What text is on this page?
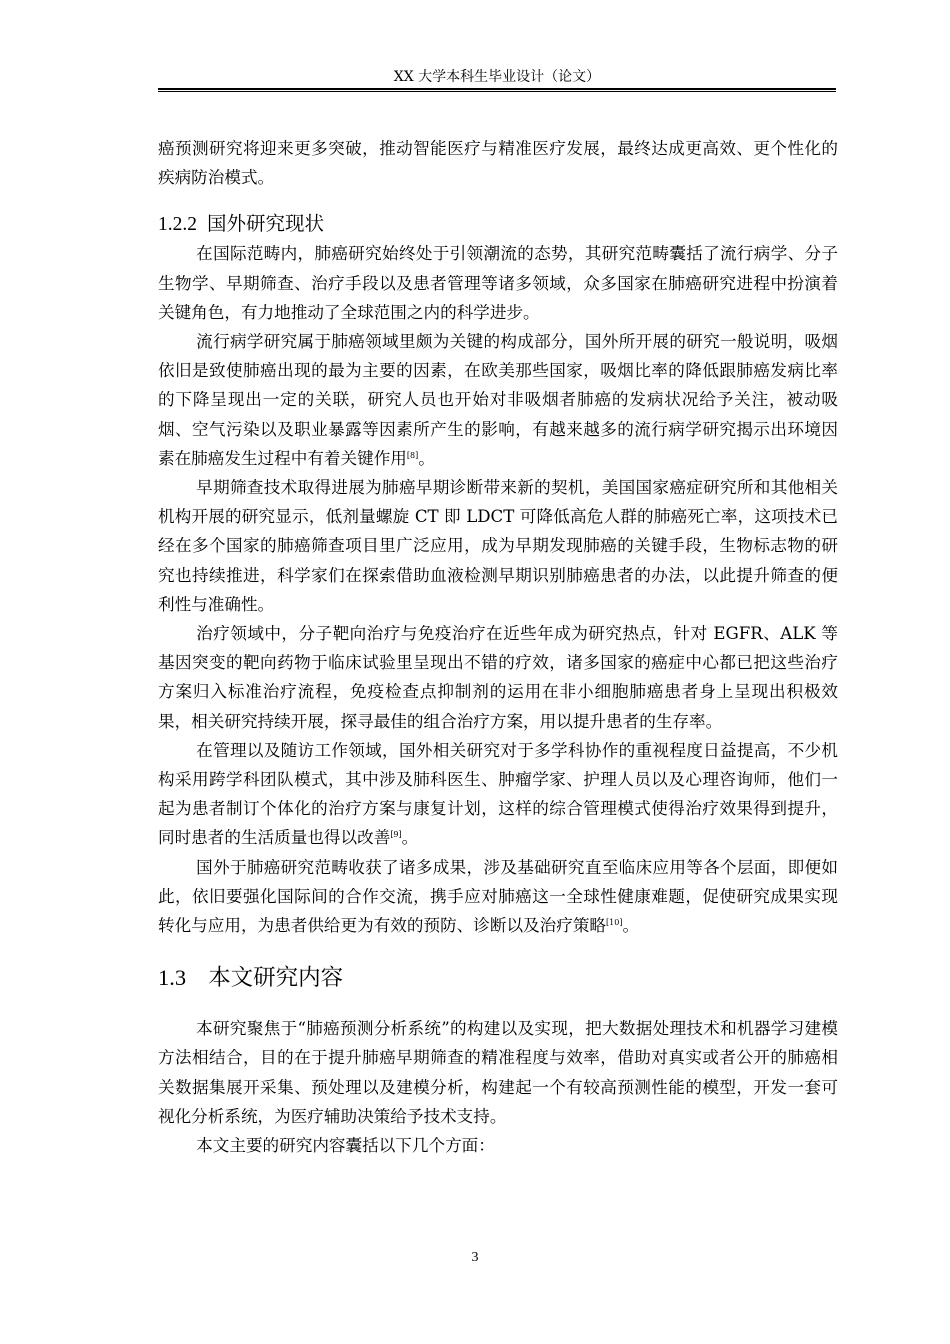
XX 大学本科生毕业设计（论文）

癌预测研究将迎来更多突破，推动智能医疗与精准医疗发展，最终达成更高效、更个性化的疾病防治模式。

1.2.2 国外研究现状

在国际范畴内，肺癌研究始终处于引领潮流的态势，其研究范畴囊括了流行病学、分子生物学、早期筛查、治疗手段以及患者管理等诸多领域，众多国家在肺癌研究进程中扮演着关键角色，有力地推动了全球范围之内的科学进步。

流行病学研究属于肺癌领域里颇为关键的构成部分，国外所开展的研究一般说明，吸烟依旧是致使肺癌出现的最为主要的因素，在欧美那些国家，吸烟比率的降低跟肺癌发病比率的下降呈现出一定的关联，研究人员也开始对非吸烟者肺癌的发病状况给予关注，被动吸烟、空气污染以及职业暴露等因素所产生的影响，有越来越多的流行病学研究揭示出环境因素在肺癌发生过程中有着关键作用[8]。

早期筛查技术取得进展为肺癌早期诊断带来新的契机，美国国家癌症研究所和其他相关机构开展的研究显示，低剂量螺旋 CT 即 LDCT 可降低高危人群的肺癌死亡率，这项技术已经在多个国家的肺癌筛查项目里广泛应用，成为早期发现肺癌的关键手段，生物标志物的研究也持续推进，科学家们在探索借助血液检测早期识别肺癌患者的办法，以此提升筛查的便利性与准确性。

治疗领域中，分子靶向治疗与免疫治疗在近些年成为研究热点，针对 EGFR、ALK 等基因突变的靶向药物于临床试验里呈现出不错的疗效，诸多国家的癌症中心都已把这些治疗方案归入标准治疗流程，免疫检查点抑制剂的运用在非小细胞肺癌患者身上呈现出积极效果，相关研究持续开展，探寻最佳的组合治疗方案，用以提升患者的生存率。

在管理以及随访工作领域，国外相关研究对于多学科协作的重视程度日益提高，不少机构采用跨学科团队模式，其中涉及肺科医生、肿瘤学家、护理人员以及心理咨询师，他们一起为患者制订个体化的治疗方案与康复计划，这样的综合管理模式使得治疗效果得到提升，同时患者的生活质量也得以改善[9]。

国外于肺癌研究范畴收获了诸多成果，涉及基础研究直至临床应用等各个层面，即便如此，依旧要强化国际间的合作交流，携手应对肺癌这一全球性健康难题，促使研究成果实现转化与应用，为患者供给更为有效的预防、诊断以及治疗策略[10]。

1.3 本文研究内容

本研究聚焦于“肺癌预测分析系统”的构建以及实现，把大数据处理技术和机器学习建模方法相结合，目的在于提升肺癌早期筛查的精准程度与效率，借助对真实或者公开的肺癌相关数据集展开采集、预处理以及建模分析，构建起一个有较高预测性能的模型，开发一套可视化分析系统，为医疗辅助决策给予技术支持。

本文主要的研究内容囊括以下几个方面：

3
